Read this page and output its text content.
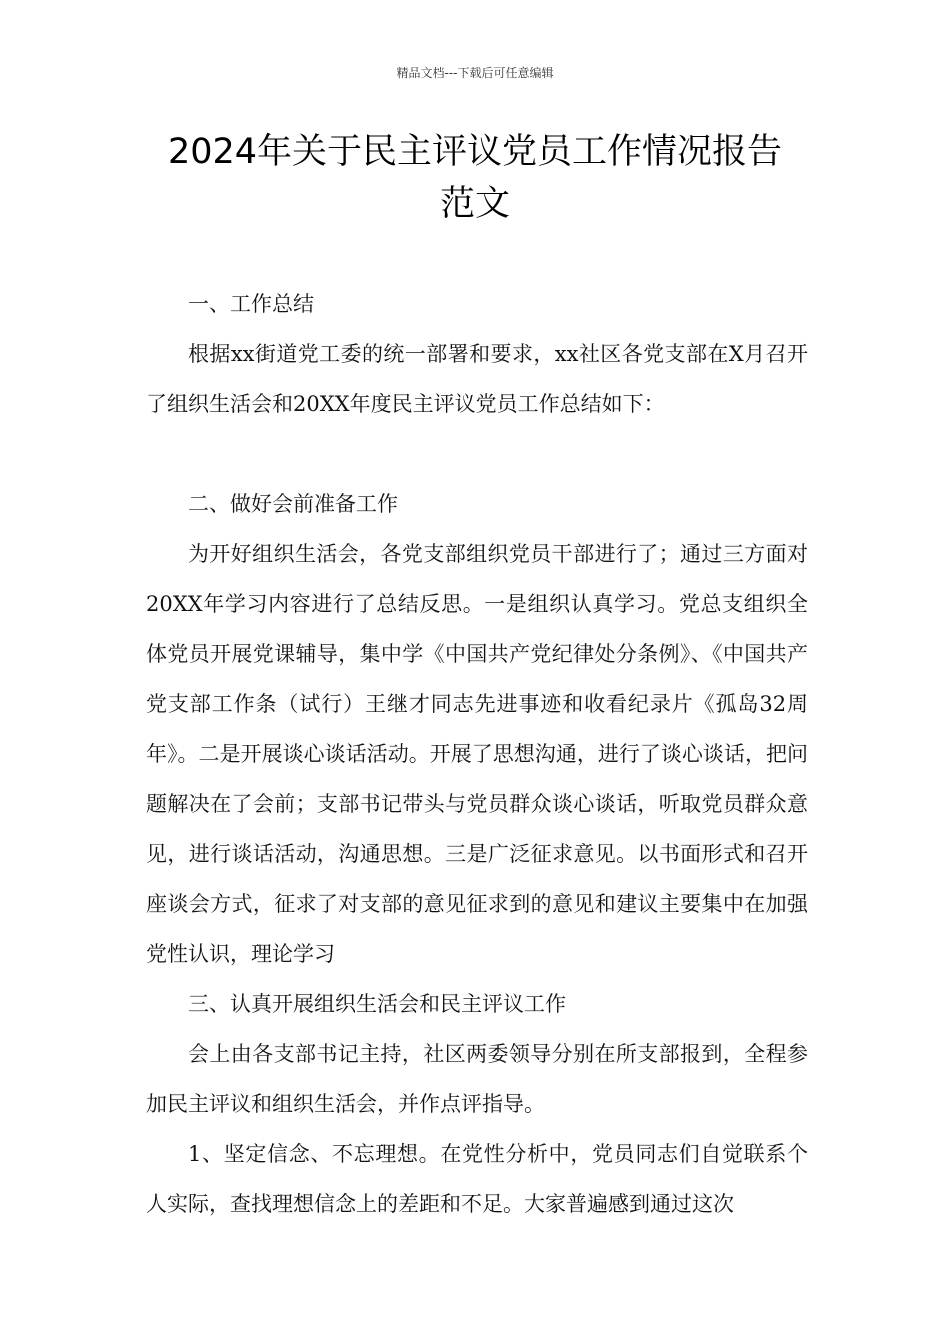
精品文档---下载后可任意编辑
2024年关于民主评议党员工作情况报告
范文

一、工作总结

根据xx街道党工委的统一部署和要求，xx社区各党支部在X月召开了组织生活会和20XX年度民主评议党员工作总结如下：

二、做好会前准备工作

为开好组织生活会，各党支部组织党员干部进行了；通过三方面对20XX年学习内容进行了总结反思。一是组织认真学习。党总支组织全体党员开展党课辅导，集中学《中国共产党纪律处分条例》、《中国共产党支部工作条（试行）王继才同志先进事迹和收看纪录片《孤岛32周年》。二是开展谈心谈话活动。开展了思想沟通，进行了谈心谈话，把问题解决在了会前；支部书记带头与党员群众谈心谈话，听取党员群众意见，进行谈话活动，沟通思想。三是广泛征求意见。以书面形式和召开座谈会方式，征求了对支部的意见征求到的意见和建议主要集中在加强党性认识，理论学习

三、认真开展组织生活会和民主评议工作

会上由各支部书记主持，社区两委领导分别在所支部报到，全程参加民主评议和组织生活会，并作点评指导。

1、坚定信念、不忘理想。在党性分析中，党员同志们自觉联系个人实际，查找理想信念上的差距和不足。大家普遍感到通过这次
